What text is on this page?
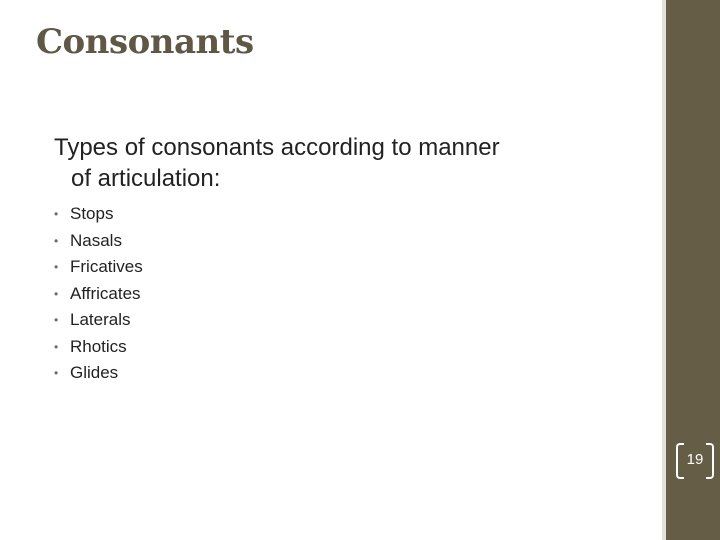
Consonants
Types of consonants according to manner
of articulation:
• Stops
• Nasals
• Fricatives
• Affricates
• Laterals
• Rhotics
• Glides
19
